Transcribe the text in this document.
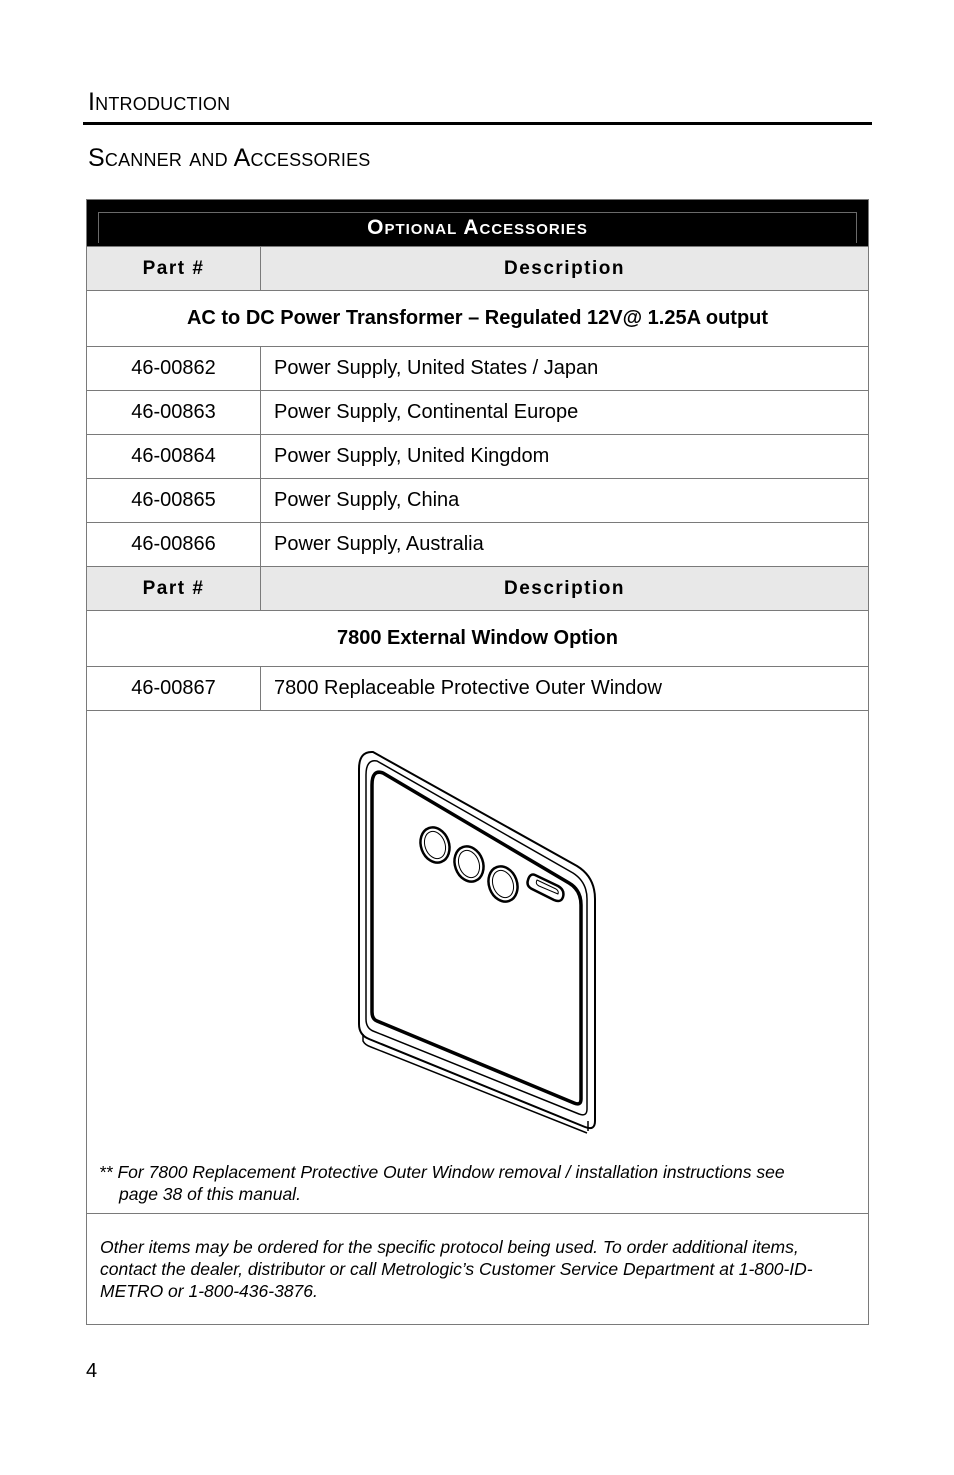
Introduction
Scanner and Accessories
Optional Accessories	

Part #	Description
AC to DC Power Transformer – Regulated 12V@ 1.25A output	
46-00862	Power Supply, United States / Japan
46-00863	Power Supply, Continental Europe
46-00864	Power Supply, United Kingdom
46-00865	Power Supply, China
46-00866	Power Supply, Australia
Part #	Description
7800 External Window Option	
46-00867	7800 Replaceable Protective Outer Window

** For 7800 Replacement Protective Outer Window removal / installation instructions see
page 38 of this manual.	

Other items may be ordered for the specific protocol being used. To order additional items, contact the dealer, distributor or call Metrologic’s Customer Service Department at 1-800-ID-METRO or 1-800-436-3876.	
4
